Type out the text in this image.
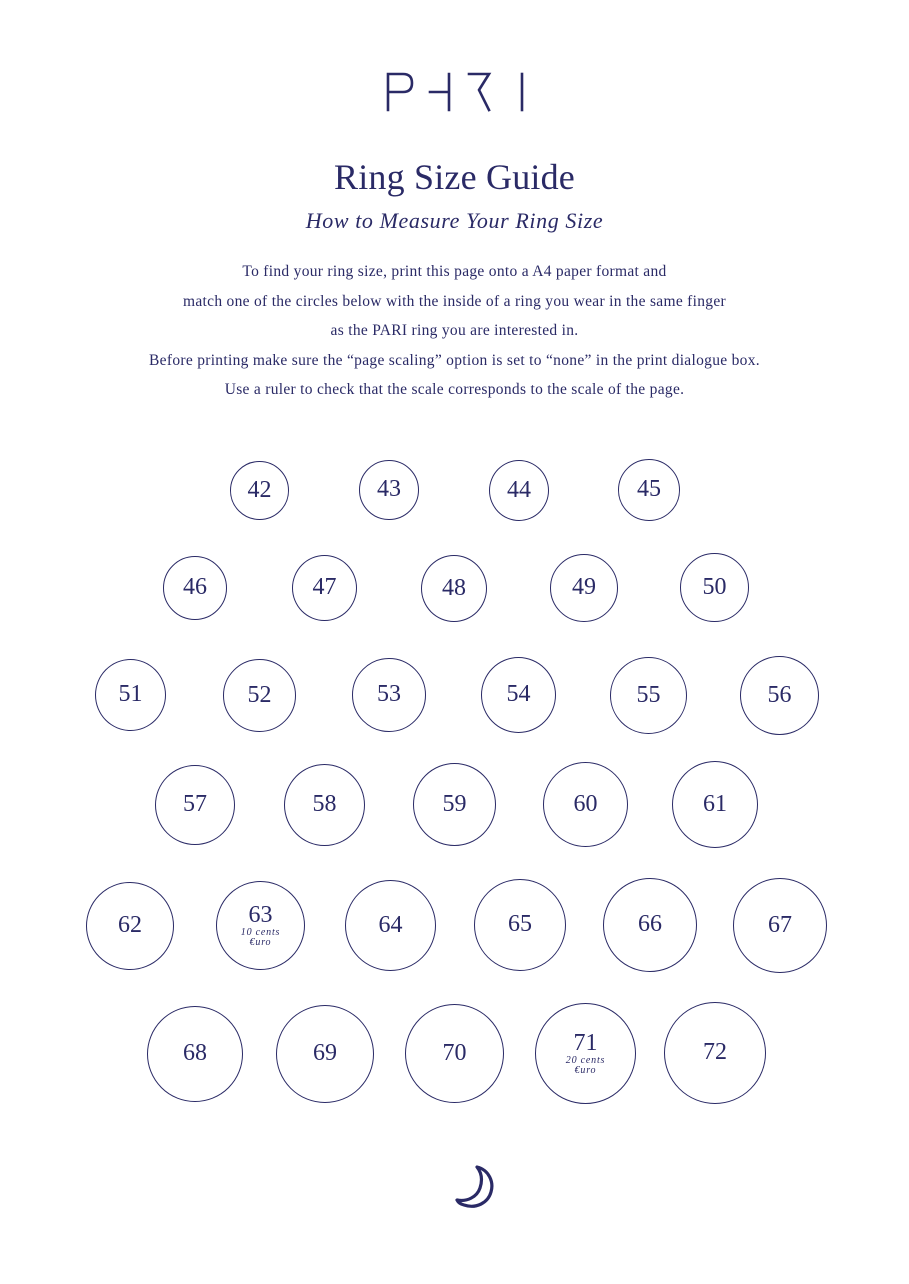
Ring Size Guide
How to Measure Your Ring Size
To find your ring size, print this page onto a A4 paper format and
match one of the circles below with the inside of a ring you wear in the same finger
as the PARI ring you are interested in.
Before printing make sure the “page scaling” option is set to “none” in the print dialogue box.
Use a ruler to check that the scale corresponds to the scale of the page.
42	43	44	45
46	47	48	49	50
51	52	53	54	55	56
57	58	59	60	61
62	63
10 cents
€uro
64	65	66	67
68	69	70	71
20 cents
€uro
72
